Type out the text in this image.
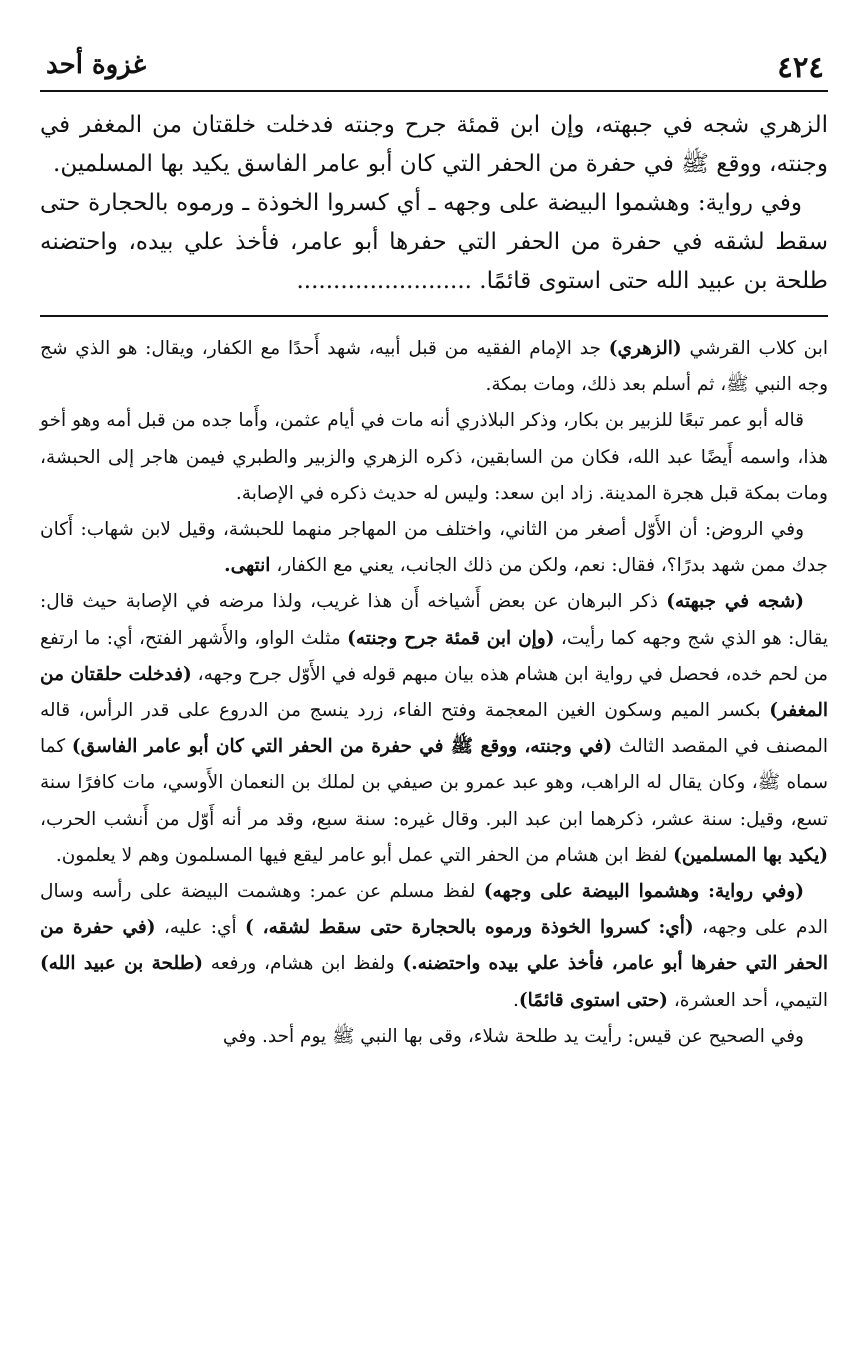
٤٢٤
غزوة أحد

الزهري شجه في جبهته، وإن ابن قمئة جرح وجنته فدخلت خلقتان من المغفر في وجنته، ووقع ﷺ في حفرة من الحفر التي كان أبو عامر الفاسق يكيد بها المسلمين.

وفي رواية: وهشموا البيضة على وجهه ـ أي كسروا الخوذة ـ ورموه بالحجارة حتى سقط لشقه في حفرة من الحفر التي حفرها أبو عامر، فأخذ علي بيده، واحتضنه طلحة بن عبيد الله حتى استوى قائمًا. ........................

ابن كلاب القرشي (الزهري) جد الإمام الفقيه من قبل أبيه، شهد أَحدًا مع الكفار، ويقال: هو الذي شج وجه النبي ﷺ، ثم أسلم بعد ذلك، ومات بمكة.

قاله أبو عمر تبعًا للزبير بن بكار، وذكر البلاذري أنه مات في أيام عثمن، وأَما جده من قبل أمه وهو أخو هذا، واسمه أَيضًا عبد الله، فكان من السابقين، ذكره الزهري والزبير والطبري فيمن هاجر إلى الحبشة، ومات بمكة قبل هجرة المدينة. زاد ابن سعد: وليس له حديث ذكره في الإصابة.

وفي الروض: أن الأَوّل أصغر من الثاني، واختلف من المهاجر منهما للحبشة، وقيل لابن شهاب: أَكان جدك ممن شهد بدرًا؟، فقال: نعم، ولكن من ذلك الجانب، يعني مع الكفار، انتهى.

(شجه في جبهته) ذكر البرهان عن بعض أَشياخه أَن هذا غريب، ولذا مرضه في الإصابة حيث قال: يقال: هو الذي شج وجهه كما رأيت، (وإن ابن قمئة جرح وجنته) مثلث الواو، والأَشهر الفتح، أي: ما ارتفع من لحم خده، فحصل في رواية ابن هشام هذه بيان مبهم قوله في الأَوّل جرح وجهه، (فدخلت حلقتان من المغفر) بكسر الميم وسكون الغين المعجمة وفتح الفاء، زرد ينسج من الدروع على قدر الرأس، قاله المصنف في المقصد الثالث (في وجنته، ووقع ﷺ في حفرة من الحفر التي كان أبو عامر الفاسق) كما سماه ﷺ، وكان يقال له الراهب، وهو عبد عمرو بن صيفي بن لملك بن النعمان الأَوسي، مات كافرًا سنة تسع، وقيل: سنة عشر، ذكرهما ابن عبد البر. وقال غيره: سنة سبع، وقد مر أنه أَوّل من أَنشب الحرب، (يكيد بها المسلمين) لفظ ابن هشام من الحفر التي عمل أبو عامر ليقع فيها المسلمون وهم لا يعلمون.

(وفي رواية: وهشموا البيضة على وجهه) لفظ مسلم عن عمر: وهشمت البيضة على رأسه وسال الدم على وجهه، (أي: كسروا الخوذة ورموه بالحجارة حتى سقط لشقه، ) أي: عليه، (في حفرة من الحفر التي حفرها أبو عامر، فأخذ علي بيده واحتضنه.) ولفظ ابن هشام، ورفعه (طلحة بن عبيد الله) التيمي، أحد العشرة، (حتى استوى قائمًا).

وفي الصحيح عن قيس: رأيت يد طلحة شلاء، وقى بها النبي ﷺ يوم أحد. وفي
